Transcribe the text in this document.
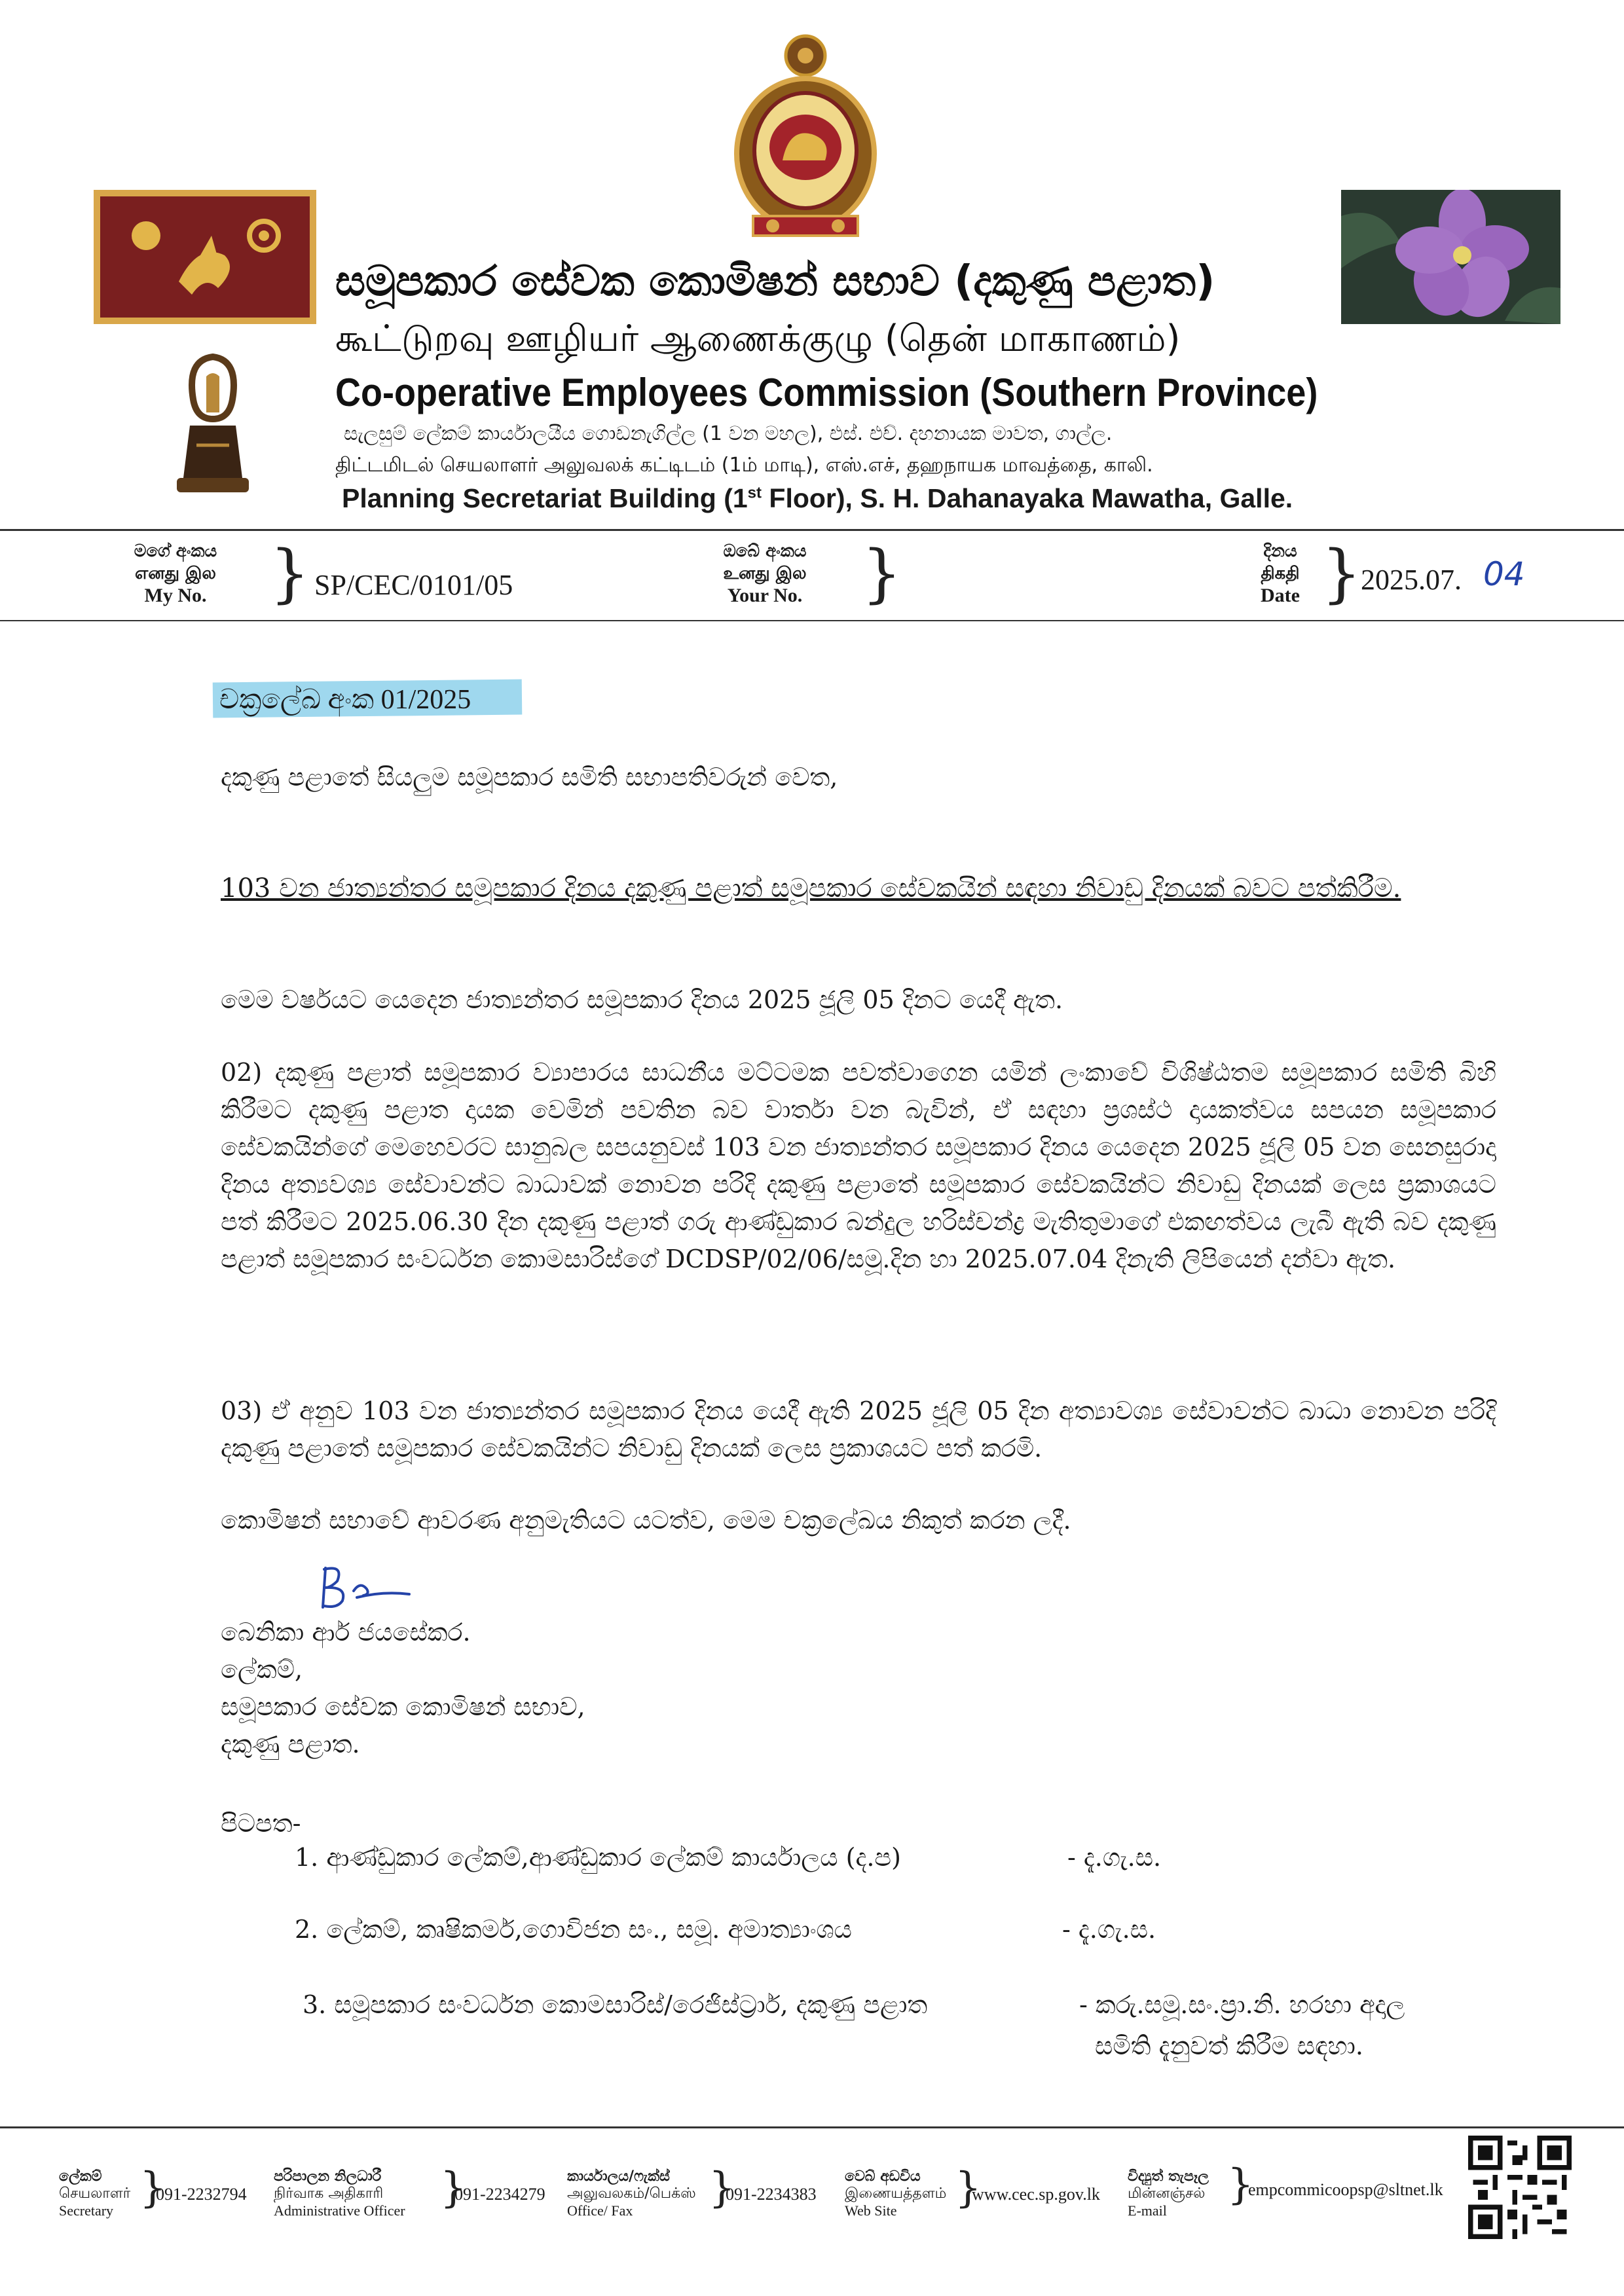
සමූපකාර සේවක කොමිෂන් සභාව (දකුණු පළාත)
கூட்டுறவு ஊழியர் ஆணைக்குழு (தென் மாகாணம்)
Co-operative Employees Commission (Southern Province)
සැලසුම් ලේකම් කාර්යාලයීය ගොඩනැගිල්ල (1 වන මහල), එස්. එච්. දහනායක මාවත, ගාල්ල.
திட்டமிடல் செயலாளர் அலுவலக் கட்டிடம் (1ம் மாடி), எஸ்.எச், தஹநாயக மாவத்தை, காலி.
Planning Secretariat Building (1st Floor), S. H. Dahanayaka Mawatha, Galle.
මගේ අංකය
எனது இல
My No. } SP/CEC/0101/05
ඔබේ අංකය
உனது இல
Your No. }	දිනය
திகதி
Date }
2025.07. 04
චක්‍රලේඛ අංක 01/2025
දකුණු පළාතේ සියලුම සමූපකාර සමිති සභාපතිවරුන් වෙත,
103 වන ජාත්‍යන්තර සමූපකාර දිනය දකුණු පළාත් සමූපකාර සේවකයින් සඳහා නිවාඩු දිනයක් බවට පත්කිරීම.
මෙම වර්ෂයට යෙදෙන ජාත්‍යන්තර සමූපකාර දිනය 2025 ජූලි 05 දිනට යෙදී ඇත.
02) දකුණු පළාත් සමූපකාර ව්‍යාපාරය සාධනීය මට්ටමක පවත්වාගෙන යමින් ලංකාවේ විශිෂ්ඨතම සමූපකාර සමිති බිහි කිරීමට දකුණු පළාත දායක වෙමින් පවතින බව වාර්තා වන බැවින්, ඒ සඳහා ප්‍රශස්ථ දායකත්වය සපයන සමූපකාර සේවකයින්ගේ මෙහෙවරට සානුබල සපයනුවස් 103 වන ජාත්‍යන්තර සමූපකාර දිනය යෙදෙන 2025 ජූලි 05 වන සෙනසුරාදා දිනය අත්‍යවශ්‍ය සේවාවන්ට බාධාවක් නොවන පරිදි දකුණු පළාතේ සමූපකාර සේවකයින්ට නිවාඩු දිනයක් ලෙස ප්‍රකාශයට පත් කිරීමට 2025.06.30 දින දකුණු පළාත් ගරු ආණ්ඩුකාර බන්දුල හරිස්චන්ද්‍ර මැතිතුමාගේ එකඟත්වය ලැබී ඇති බව දකුණු පළාත් සමූපකාර සංවර්ධන කොමසාරිස්ගේ DCDSP/02/06/සමූ.දින හා 2025.07.04 දිනැති ලිපියෙන් දන්වා ඇත.
03) ඒ අනුව 103 වන ජාත්‍යන්තර සමූපකාර දිනය යෙදී ඇති 2025 ජූලි 05 දින අත්‍යාවශ්‍ය සේවාවන්ට බාධා නොවන පරිදි දකුණු පළාතේ සමූපකාර සේවකයින්ට නිවාඩු දිනයක් ලෙස ප්‍රකාශයට පත් කරමි.
කොමිෂන් සභාවේ ආවරණ අනුමැතියට යටත්ව, මෙම චක්‍රලේඛය නිකුත් කරන ලදී.
බෙනිකා ආර් ජයසේකර.
ලේකම්,
සමූපකාර සේවක කොමිෂන් සභාව,
දකුණු පළාත.
පිටපත-
1. ආණ්ඩුකාර ලේකම්,ආණ්ඩුකාර ලේකම් කාර්යාලය (ද.ප)	- දැ.ගැ.ස.
2. ලේකම්, කෘෂිකර්ම,ගොවිජන සං., සමූ. අමාත්‍යාංශය	- දැ.ගැ.ස.
3. සමූපකාර සංවර්ධන කොමසාරිස්/රෙජිස්ට්‍රාර්, දකුණු පළාත	- කරු.සමූ.සං.ප්‍රා.නි. හරහා අදාල
සමිති දැනුවත් කිරීම සඳහා.
ලේකම්
செயலாளர்
Secretary }
091-2232794
පරිපාලන නිලධාරී
நிர்வாக அதிகாரி
Administrative Officer }
091-2234279
කාර්යාලය/ෆැක්ස්
அலுவலகம்/பெக்ஸ்
Office/ Fax	}
091-2234383
වෙබ් අඩවිය
இணையத்தளம்
Web Site	}
www.cec.sp.gov.lk
විද්‍යුත් තැපෑල
மின்னஞ்சல்
E-mail
}
empcommicoopsp@sltnet.lk
